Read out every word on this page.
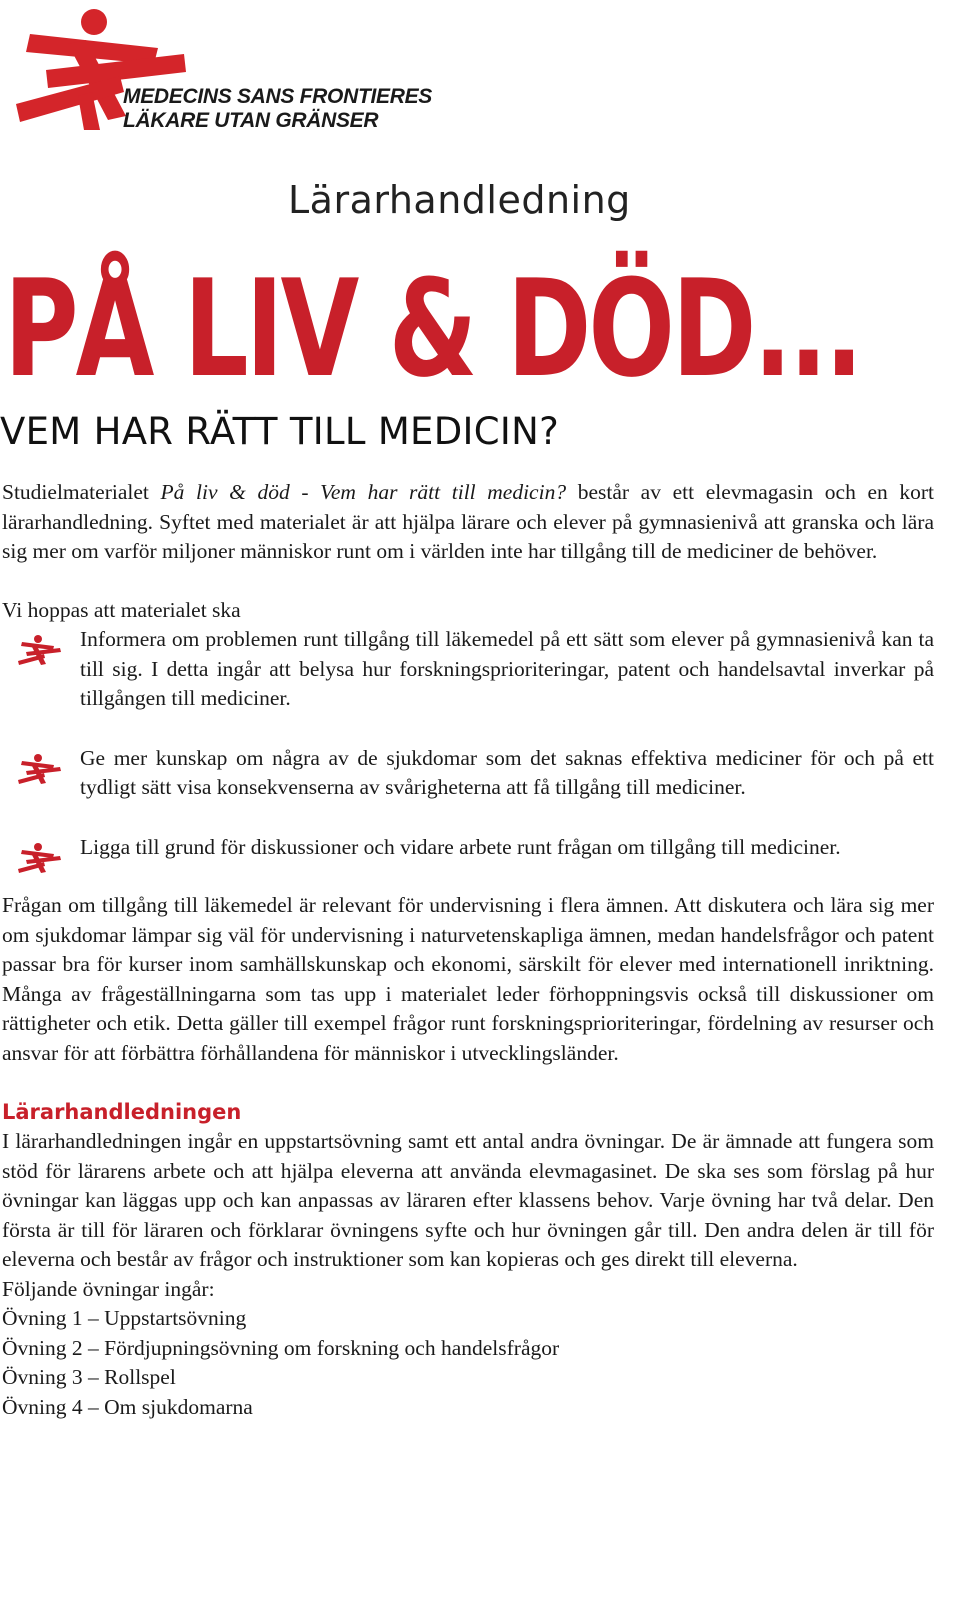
MEDECINS SANS FRONTIERES
LÄKARE UTAN GRÄNSER
Lärarhandledning
PÅ LIV & DÖD...
VEM HAR RÄTT TILL MEDICIN?

Studielmaterialet På liv & död - Vem har rätt till medicin? består av ett elevmagasin och en kort lärarhandledning. Syftet med materialet är att hjälpa lärare och elever på gymnasienivå att granska och lära sig mer om varför miljoner människor runt om i världen inte har tillgång till de mediciner de behöver.

Vi hoppas att materialet ska

Informera om problemen runt tillgång till läkemedel på ett sätt som elever på gymnasienivå kan ta till sig. I detta ingår att belysa hur forskningsprioriteringar, patent och handelsavtal inverkar på tillgången till mediciner.

Ge mer kunskap om några av de sjukdomar som det saknas effektiva mediciner för och på ett tydligt sätt visa konsekvenserna av svårigheterna att få tillgång till mediciner.

Ligga till grund för diskussioner och vidare arbete runt frågan om tillgång till mediciner.

Frågan om tillgång till läkemedel är relevant för undervisning i flera ämnen. Att diskutera och lära sig mer om sjukdomar lämpar sig väl för undervisning i naturvetenskapliga ämnen, medan handelsfrågor och patent passar bra för kurser inom samhällskunskap och ekonomi, särskilt för elever med internationell inriktning. Många av frågeställningarna som tas upp i materialet leder förhoppningsvis också till diskussioner om rättigheter och etik. Detta gäller till exempel frågor runt forskningsprioriteringar, fördelning av resurser och ansvar för att förbättra förhållandena för människor i utvecklingsländer.

Lärarhandledningen

I lärarhandledningen ingår en uppstartsövning samt ett antal andra övningar. De är ämnade att fungera som stöd för lärarens arbete och att hjälpa eleverna att använda elevmagasinet. De ska ses som förslag på hur övningar kan läggas upp och kan anpassas av läraren efter klassens behov. Varje övning har två delar. Den första är till för läraren och förklarar övningens syfte och hur övningen går till. Den andra delen är till för eleverna och består av frågor och instruktioner som kan kopieras och ges direkt till eleverna.

Följande övningar ingår:

Övning 1 – Uppstartsövning
Övning 2 – Fördjupningsövning om forskning och handelsfrågor
Övning 3 – Rollspel
Övning 4 – Om sjukdomarna
